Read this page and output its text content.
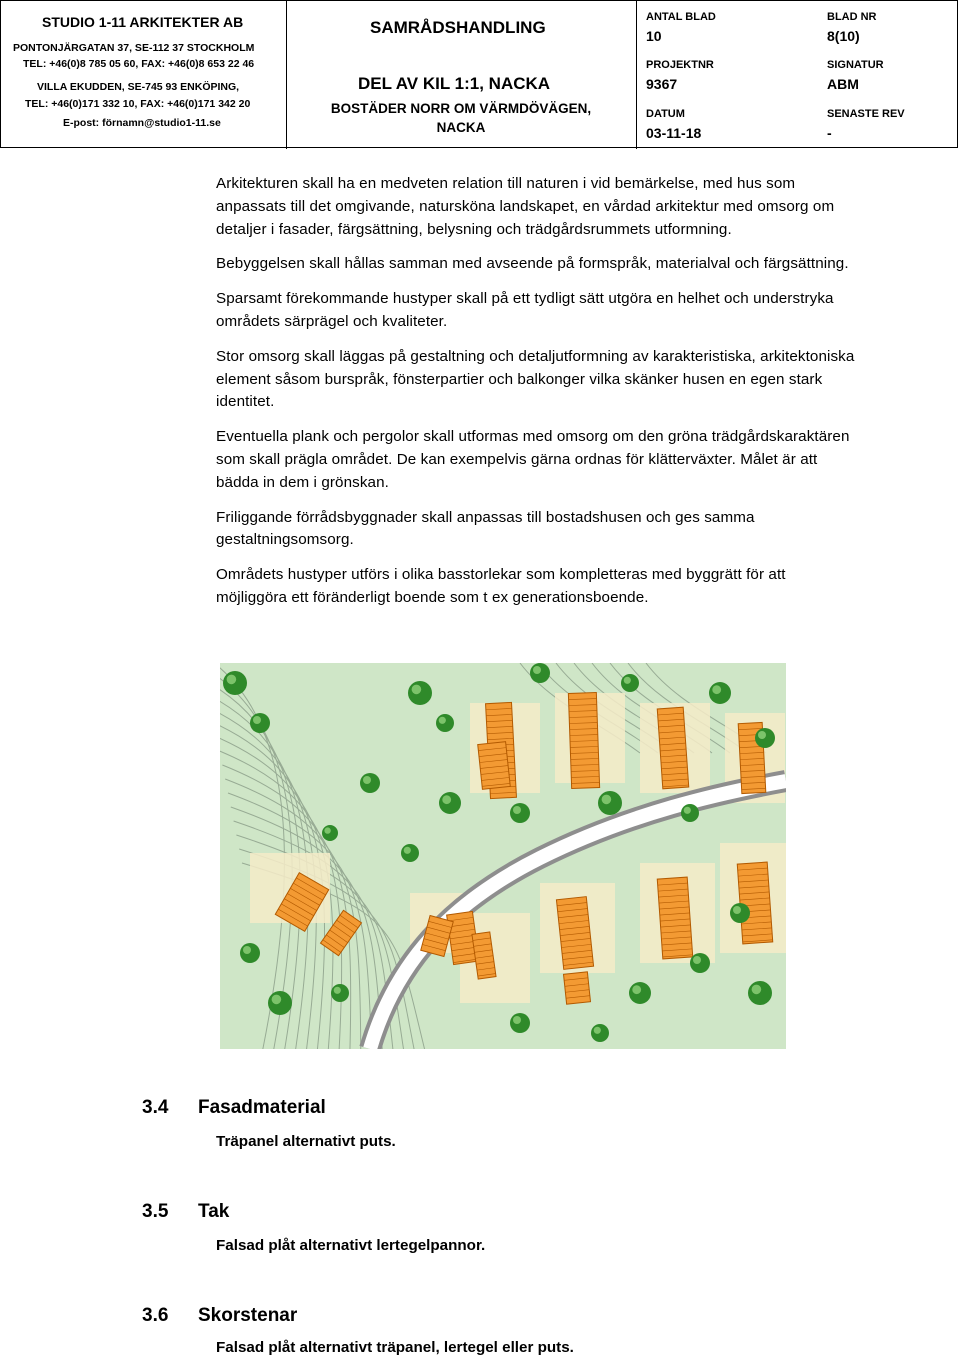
STUDIO 1-11 ARKITEKTER AB
PONTONJÄRGATAN 37, SE-112 37 STOCKHOLM
TEL: +46(0)8 785 05 60, FAX: +46(0)8 653 22 46
VILLA EKUDDEN, SE-745 93 ENKÖPING,
TEL: +46(0)171 332 10, FAX: +46(0)171 342 20
E-post: förnamn@studio1-11.se
SAMRÅDSHANDLING
DEL AV KIL 1:1, NACKA
BOSTÄDER NORR OM VÄRMDÖVÄGEN,
NACKA
ANTAL BLAD
10
PROJEKTNR
9367
DATUM
03-11-18
BLAD NR
8(10)
SIGNATUR
ABM
SENASTE REV
-

Arkitekturen skall ha en medveten relation till naturen i vid bemärkelse, med hus som anpassats till det omgivande, natursköna landskapet, en vårdad arkitektur med omsorg om detaljer i fasader, färgsättning, belysning och trädgårdsrummets utformning.

Bebyggelsen skall hållas samman med avseende på formspråk, materialval och färgsättning.

Sparsamt förekommande hustyper skall på ett tydligt sätt utgöra en helhet och understryka områdets särprägel och kvaliteter.

Stor omsorg skall läggas på gestaltning och detaljutformning av karakteristiska, arkitektoniska element såsom burspråk, fönsterpartier och balkonger vilka skänker husen en egen stark identitet.

Eventuella plank och pergolor skall utformas med omsorg om den gröna trädgårdskaraktären som skall prägla området. De kan exempelvis gärna ordnas för klätterväxter. Målet är att bädda in dem i grönskan.

Friliggande förrådsbyggnader skall anpassas till bostadshusen och ges samma gestaltningsomsorg.

Områdets hustyper utförs i olika basstorlekar som kompletteras med byggrätt för att möjliggöra ett föränderligt boende som t ex generationsboende.

3.4 Fasadmaterial
Träpanel alternativt puts.
3.5 Tak
Falsad plåt alternativt lertegelpannor.
3.6 Skorstenar
Falsad plåt alternativt träpanel, lertegel eller puts.
